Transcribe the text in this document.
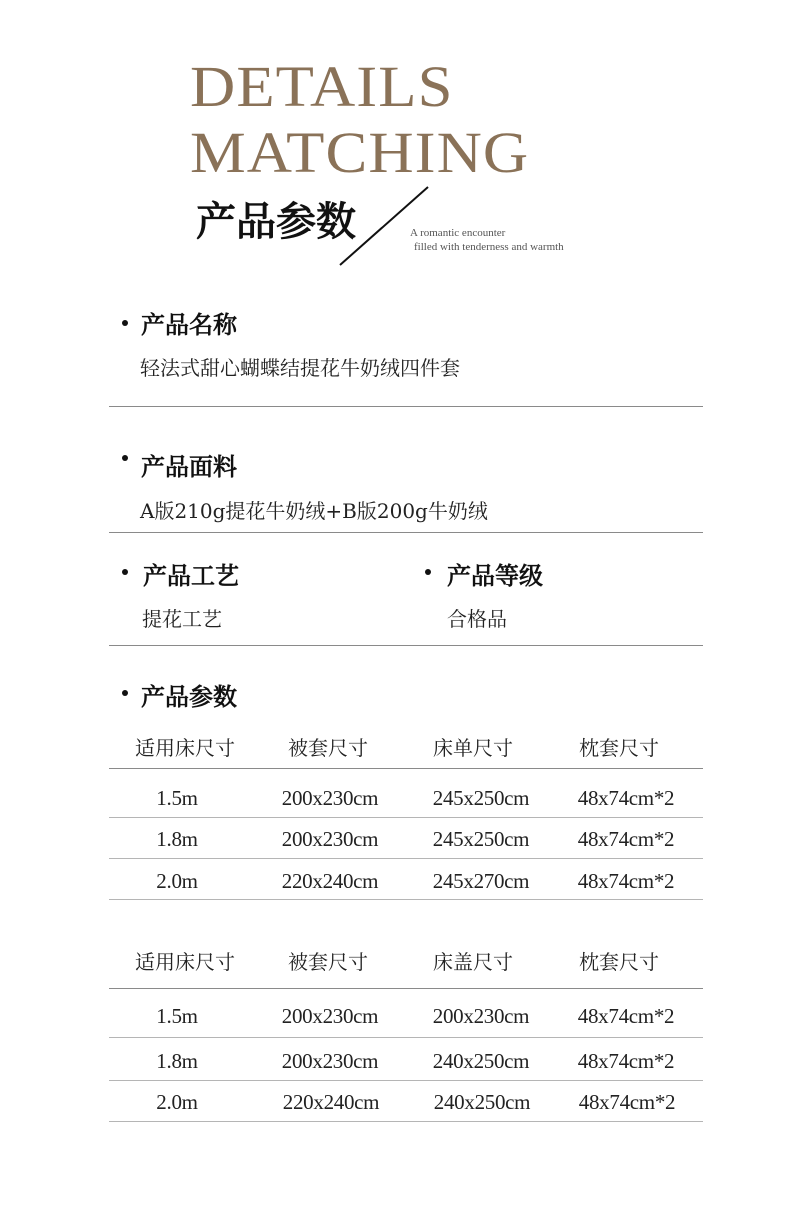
DETAILS
MATCHING
产品参数	A romantic encounter
filled with tenderness and warmth
产品名称
轻法式甜心蝴蝶结提花牛奶绒四件套
产品面料
A版210g提花牛奶绒+B版200g牛奶绒
产品工艺
提花工艺
产品等级
合格品
产品参数
适用床尺寸	被套尺寸	床单尺寸	枕套尺寸
1.5m	200x230cm	245x250cm	48x74cm*2
1.8m	200x230cm	245x250cm	48x74cm*2
2.0m	220x240cm	245x270cm	48x74cm*2
适用床尺寸	被套尺寸	床盖尺寸	枕套尺寸
1.5m	200x230cm	200x230cm	48x74cm*2
1.8m	200x230cm	240x250cm	48x74cm*2
2.0m	220x240cm	240x250cm	48x74cm*2
